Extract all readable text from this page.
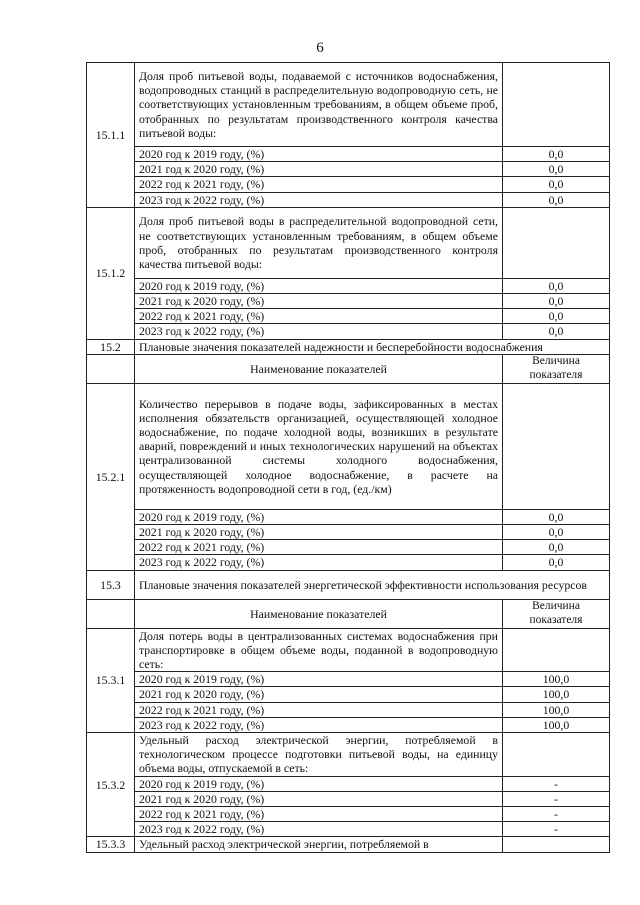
6
15.1.1	Доля проб питьевой воды, подаваемой с источников водоснабжения, водопроводных станций в распределительную водопроводную сеть, не соответствующих установленным требованиям, в общем объеме проб, отобранных по результатам производственного контроля качества питьевой воды:	
	2020 год к 2019 году, (%)	0,0
	2021 год к 2020 году, (%)	0,0
	2022 год к 2021 году, (%)	0,0
	2023 год к 2022 году, (%)	0,0
15.1.2	Доля проб питьевой воды в распределительной водопроводной сети, не соответствующих установленным требованиям, в общем объеме проб, отобранных по результатам производственного контроля качества питьевой воды:	
	2020 год к 2019 году, (%)	0,0
	2021 год к 2020 году, (%)	0,0
	2022 год к 2021 году, (%)	0,0
	2023 год к 2022 году, (%)	0,0
15.2	Плановые значения показателей надежности и бесперебойности водоснабжения	
	Наименование показателей	Величина показателя
15.2.1	Количество перерывов в подаче воды, зафиксированных в местах исполнения обязательств организацией, осуществляющей холодное водоснабжение, по подаче холодной воды, возникших в результате аварий, повреждений и иных технологических нарушений на объектах централизованной системы холодного водоснабжения, осуществляющей холодное водоснабжение, в расчете на протяженность водопроводной сети в год, (ед./км)	
	2020 год к 2019 году, (%)	0,0
	2021 год к 2020 году, (%)	0,0
	2022 год к 2021 году, (%)	0,0
	2023 год к 2022 году, (%)	0,0
15.3	Плановые значения показателей энергетической эффективности использования ресурсов	
	Наименование показателей	Величина показателя
15.3.1	Доля потерь воды в централизованных системах водоснабжения при транспортировке в общем объеме воды, поданной в водопроводную сеть:	
	2020 год к 2019 году, (%)	100,0
	2021 год к 2020 году, (%)	100,0
	2022 год к 2021 году, (%)	100,0
	2023 год к 2022 году, (%)	100,0
15.3.2	Удельный расход электрической энергии, потребляемой в технологическом процессе подготовки питьевой воды, на единицу объема воды, отпускаемой в сеть:	
	2020 год к 2019 году, (%)	-
	2021 год к 2020 году, (%)	-
	2022 год к 2021 году, (%)	-
	2023 год к 2022 году, (%)	-
15.3.3	Удельный расход электрической энергии, потребляемой в	
